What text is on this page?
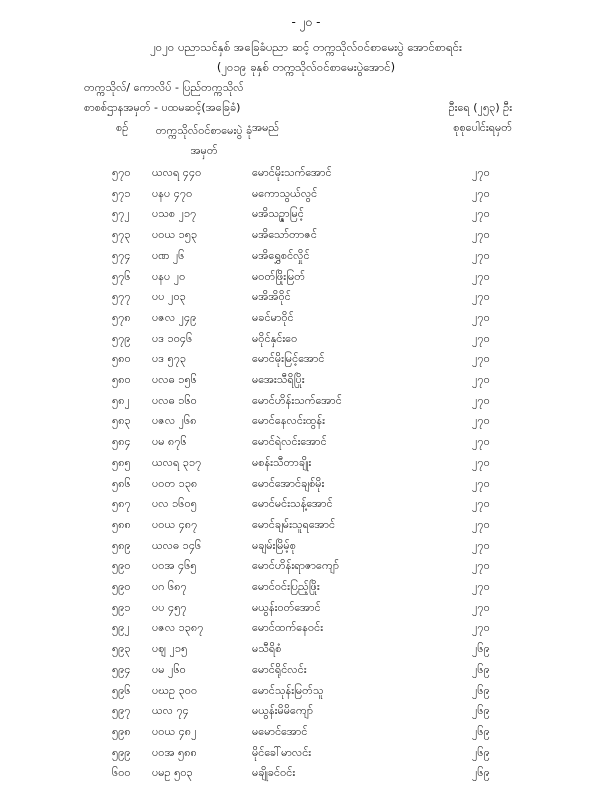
- ၂၀ -
၂၀၂၀ ပညာသင်နှစ် အခြေခံပညာ ဆင့် တက္ကသိုလ်ဝင်စာမေးပွဲ အောင်စာရင်း
(၂၀၁၉ ခုနှစ် တက္ကသိုလ်ဝင်စာမေးပွဲအောင်)
တက္ကသိုလ်/ ကောလိပ် - ပြည်တက္ကသိုလ်
စာစစ်ဌာနအမှတ် - ပထမဆင့်(အခြေခံ)	ဦးရေ (၂၅၃) ဦး
စဉ်	တက္ကသိုလ်ဝင်စာမေးပွဲ ခုံအမှတ်
အမည်	စုစုပေါင်းရမှတ်
၅၇၀ ယလရ ၄၄၀	မောင်မိုးသက်အောင်	၂၇၀
၅၇၁ ပနပ ၄၇၀	မကောသွယ်လွင်	၂၇၀
၅၇၂ ပသစ ၂၁၇	မအိသဉ္ဇာမြင့်	၂၇၀
၅၇၃ ပဝယ ၁၅၃	မအိသော်တာဇင်	၂၇၀
၅၇၄ ပဏ ၂၆	မအိရွှေစင်လှိုင်	၂၇၀
၅၇၆ ပနပ ၂၀	မဝတ်ဖြိုးမြတ်	၂၇၀
၅၇၇ ပပ ၂၀၃	မအိအိဝိုင်	၂၇၀
၅၇၈ ပဇလ ၂၄၉	မခင်မာဝိုင်	၂၇၀
၅၇၉ ပဒ ၁၀၄၆	မဝိုင်နှင်းဝေ	၂၇၀
၅၈၀ ပဒ ၅၇၃	မောင်မိုးမြင့်အောင်	၂၇၀
၅၈၀ ပလဓ ၁၅၆	မအေးသီရိပြိုး	၂၇၀
၅၈၂ ပလဓ ၁၆၀	မောင်ဟိန်းသက်အောင်	၂၇၀
၅၈၃ ပဇလ ၂၆၈	မောင်နေလင်းထွန်း	၂၇၀
၅၈၄ ပမ ၈၇၆	မောင်ရဲလင်းအောင်	၂၇၀
၅၈၅ ယလရ ၃၁၇	မစန်းသီတာချိုး	၂၇၀
၅၈၆ ပဝတ ၁၃၈	မောင်အောင်ချစ်မိုး	၂၇၀
၅၈၇ ပလ ၁၆၀၅	မောင်မင်းသန့်အောင်	၂၇၀
၅၈၈ ပဝယ ၄၈၇	မောင်ချမ်းသူရအောင်	၂၇၀
၅၈၉ ယလဓ ၁၄၆	မချမ်းမြိမ့်စု	၂၇၀
၅၉၀ ပဝအ ၄၆၅	မောင်ဟိန်းရာဇာကျော်	၂၇၀
၅၉၀ ပဂ ၆၈၇	မောင်ဝင်းပြည့်ဖြိုး	၂၇၀
၅၉၁ ပပ ၄၅၇	မယွန်းဝတ်အောင်	၂၇၀
၅၉၂ ပဇလ ၁၃၈၇	မောင်ထက်နေဝင်း	၂၇၀
၅၉၃ ပဈ ၂၁၅	မသီရိစံ	၂၆၉
၅၉၄ ပမ ၂၆၀	မောင်ရိုင်လင်း	၂၆၉
၅၉၆ ပဃဥ ၃၀၀	မောင်သုန်းမြတ်သူ	၂၆၉
၅၉၇ ယလ ၇၄	မယွန်းမိမိကျော်	၂၆၉
၅၉၈ ပဝယ ၄၈၂	မမောင်အောင်	၂၆၉
၅၉၉ ပဝအ ၅၈၈	မိုင်ခေါ်မာလင်း	၂၆၉
၆၀၀ ပမဥ ၅၀၃	မချိုခင်ဝင်း	၂၆၉
